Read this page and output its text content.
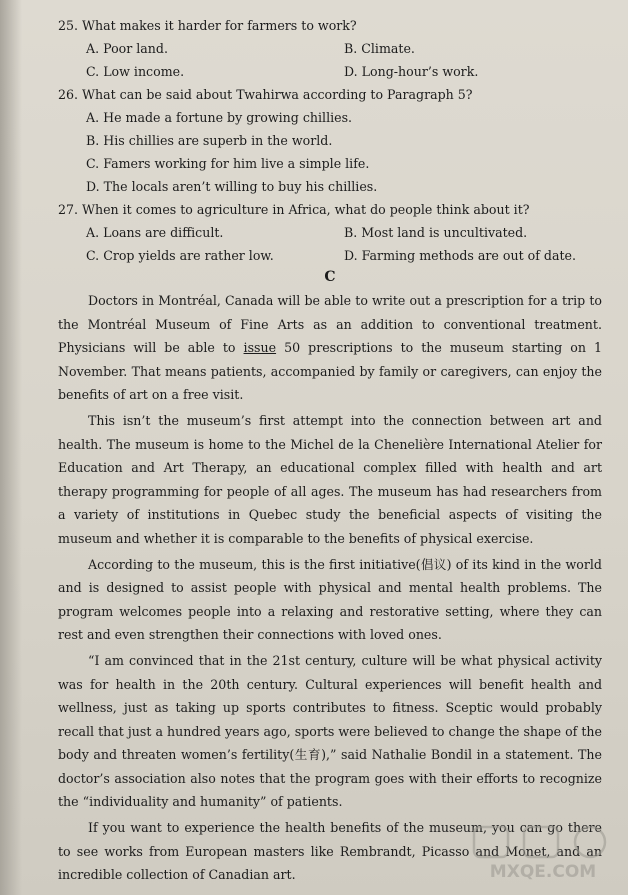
25. What makes it harder for farmers to work?
A. Poor land.	B. Climate.
C. Low income.	D. Long-hour’s work.
26. What can be said about Twahirwa according to Paragraph 5?
A. He made a fortune by growing chillies.
B. His chillies are superb in the world.
C. Famers working for him live a simple life.
D. The locals aren’t willing to buy his chillies.
27. When it comes to agriculture in Africa, what do people think about it?
A. Loans are difficult.	B. Most land is uncultivated.
C. Crop yields are rather low.	D. Farming methods are out of date.
C

Doctors in Montréal, Canada will be able to write out a prescription for a trip to the Montréal Museum of Fine Arts as an addition to conventional treatment. Physicians will be able to issue 50 prescriptions to the museum starting on 1 November. That means patients, accompanied by family or caregivers, can enjoy the benefits of art on a free visit.

This isn’t the museum’s first attempt into the connection between art and health. The museum is home to the Michel de la Chenelière International Atelier for Education and Art Therapy, an educational complex filled with health and art therapy programming for people of all ages. The museum has had researchers from a variety of institutions in Quebec study the beneficial aspects of visiting the museum and whether it is comparable to the benefits of physical exercise.

According to the museum, this is the first initiative(倡议) of its kind in the world and is designed to assist people with physical and mental health problems. The program welcomes people into a relaxing and restorative setting, where they can rest and even strengthen their connections with loved ones.

“I am convinced that in the 21st century, culture will be what physical activity was for health in the 20th century. Cultural experiences will benefit health and wellness, just as taking up sports contributes to fitness. Sceptic would probably recall that just a hundred years ago, sports were believed to change the shape of the body and threaten women’s fertility(生育),” said Nathalie Bondil in a statement. The doctor’s association also notes that the program goes with their efforts to recognize the “individuality and humanity” of patients.

If you want to experience the health benefits of the museum, you can go there to see works from European masters like Rembrandt, Picasso and Monet, and an incredible collection of Canadian art.	MXQE.COM
